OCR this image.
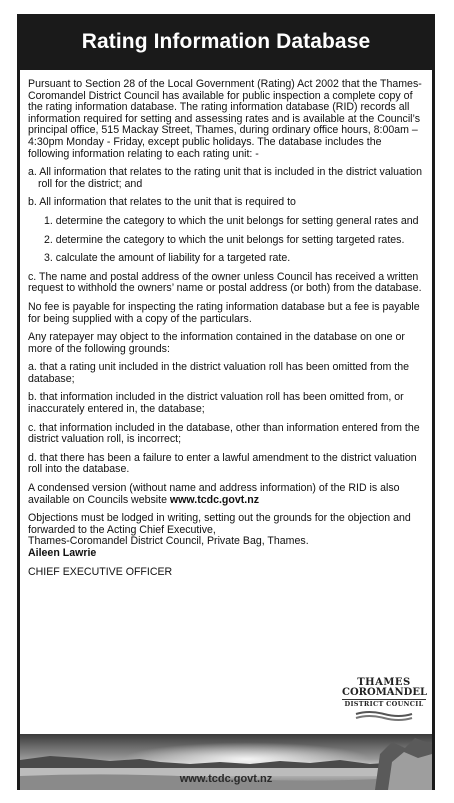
Rating Information Database

Pursuant to Section 28 of the Local Government (Rating) Act 2002 that the Thames-Coromandel District Council has available for public inspection a complete copy of the rating information database. The rating information database (RID) records all information required for setting and assessing rates and is available at the Council’s principal office, 515 Mackay Street, Thames, during ordinary office hours, 8:00am – 4:30pm Monday - Friday, except public holidays. The database includes the following information relating to each rating unit: -

a. All information that relates to the rating unit that is included in the district valuation roll for the district; and

b. All information that relates to the unit that is required to

1. determine the category to which the unit belongs for setting general rates and

2. determine the category to which the unit belongs for setting targeted rates.

3. calculate the amount of liability for a targeted rate.

c. The name and postal address of the owner unless Council has received a written request to withhold the owners’ name or postal address (or both) from the database.

No fee is payable for inspecting the rating information database but a fee is payable for being supplied with a copy of the particulars.

Any ratepayer may object to the information contained in the database on one or more of the following grounds:

a. that a rating unit included in the district valuation roll has been omitted from the database;

b. that information included in the district valuation roll has been omitted from, or inaccurately entered in, the database;

c. that information included in the database, other than information entered from the district valuation roll, is incorrect;

d. that there has been a failure to enter a lawful amendment to the district valuation roll into the database.

A condensed version (without name and address information) of the RID is also available on Councils website www.tcdc.govt.nz

Objections must be lodged in writing, setting out the grounds for the objection and forwarded to the Acting Chief Executive,
Thames-Coromandel District Council, Private Bag, Thames.

Aileen Lawrie

CHIEF EXECUTIVE OFFICER

THAMES
COROMANDEL
DISTRICT COUNCIL
www.tcdc.govt.nz
